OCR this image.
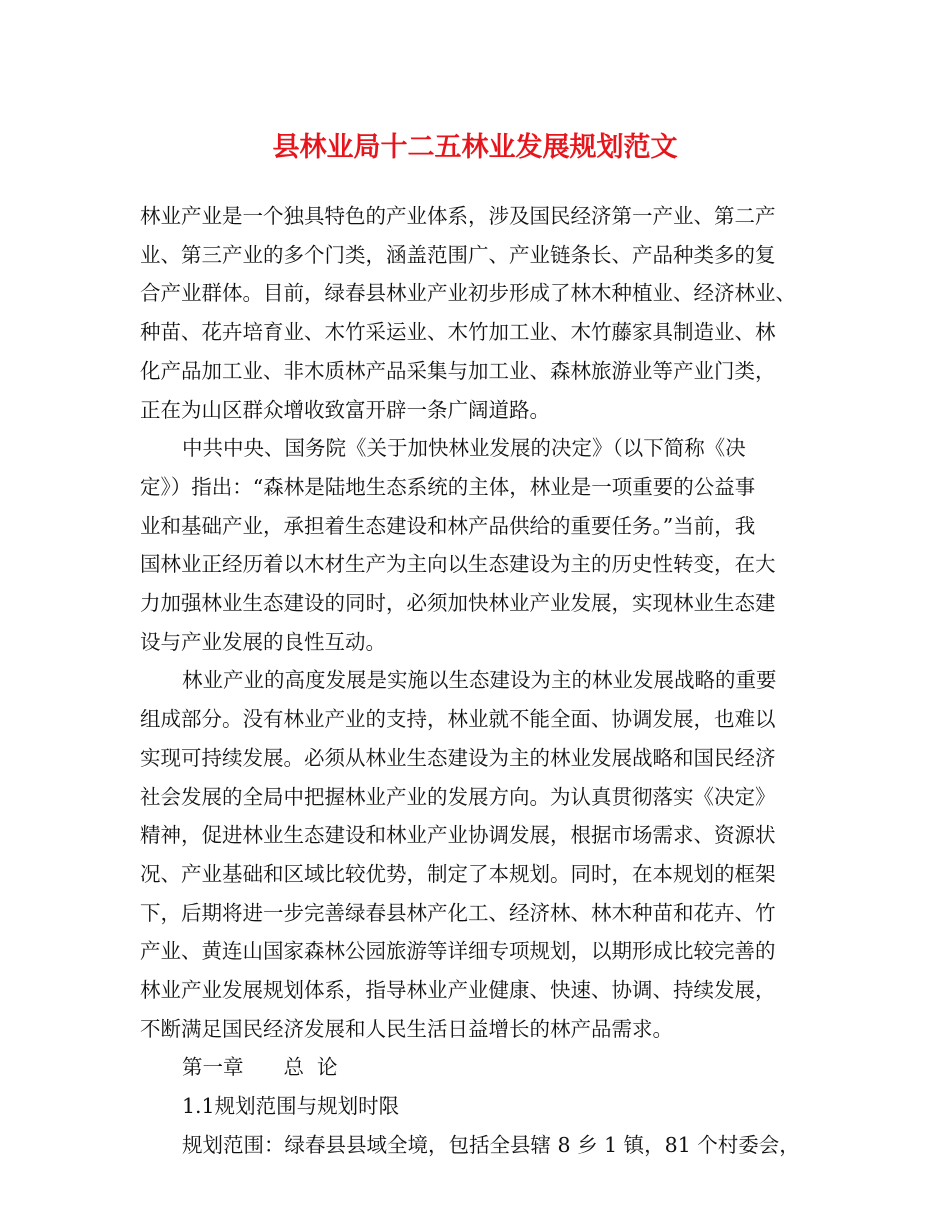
县林业局十二五林业发展规划范文

林业产业是一个独具特色的产业体系，涉及国民经济第一产业、第二产
业、第三产业的多个门类，涵盖范围广、产业链条长、产品种类多的复
合产业群体。目前，绿春县林业产业初步形成了林木种植业、经济林业、
种苗、花卉培育业、木竹采运业、木竹加工业、木竹藤家具制造业、林
化产品加工业、非木质林产品采集与加工业、森林旅游业等产业门类，
正在为山区群众增收致富开辟一条广阔道路。

中共中央、国务院《关于加快林业发展的决定》（以下简称《决
定》）指出：“森林是陆地生态系统的主体，林业是一项重要的公益事
业和基础产业，承担着生态建设和林产品供给的重要任务。”当前，我
国林业正经历着以木材生产为主向以生态建设为主的历史性转变，在大
力加强林业生态建设的同时，必须加快林业产业发展，实现林业生态建
设与产业发展的良性互动。

林业产业的高度发展是实施以生态建设为主的林业发展战略的重要
组成部分。没有林业产业的支持，林业就不能全面、协调发展，也难以
实现可持续发展。必须从林业生态建设为主的林业发展战略和国民经济
社会发展的全局中把握林业产业的发展方向。为认真贯彻落实《决定》
精神，促进林业生态建设和林业产业协调发展，根据市场需求、资源状
况、产业基础和区域比较优势，制定了本规划。同时，在本规划的框架
下，后期将进一步完善绿春县林产化工、经济林、林木种苗和花卉、竹
产业、黄连山国家森林公园旅游等详细专项规划，以期形成比较完善的
林业产业发展规划体系，指导林业产业健康、快速、协调、持续发展，
不断满足国民经济发展和人民生活日益增长的林产品需求。

第一章 总  论

1.1规划范围与规划时限

规划范围：绿春县县域全境，包括全县辖 8 乡 1 镇，81 个村委会，
